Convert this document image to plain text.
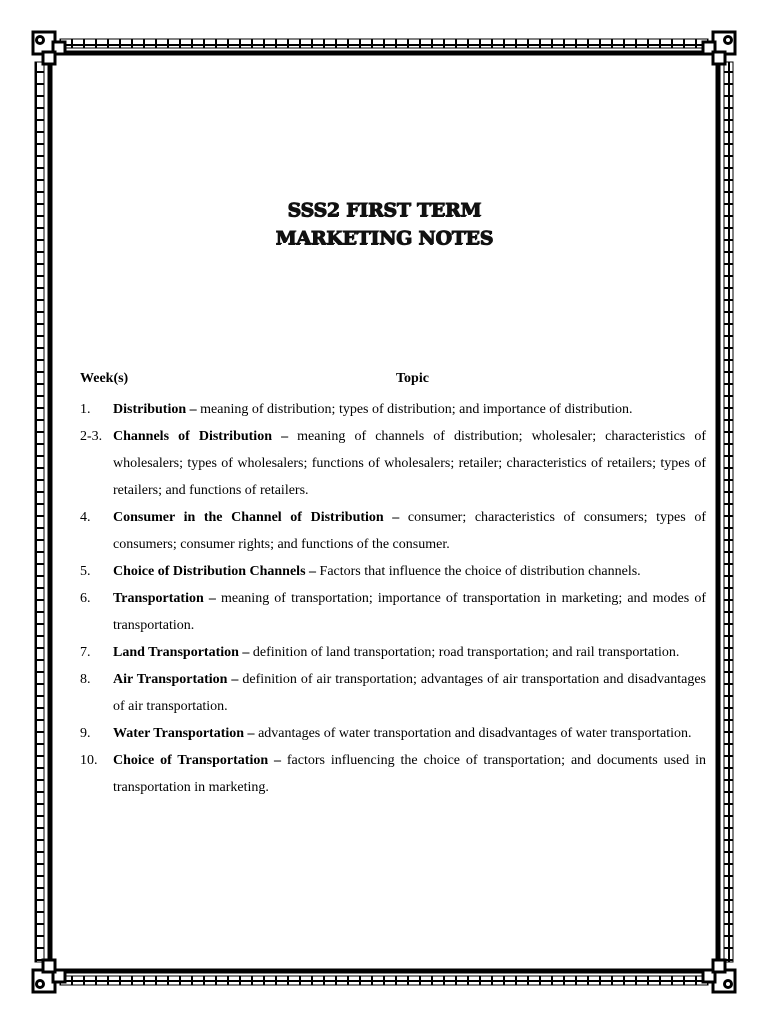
SSS2 FIRST TERM
MARKETING NOTES
Week(s)	Topic
1. Distribution – meaning of distribution; types of distribution; and importance of distribution.
2-3. Channels of Distribution – meaning of channels of distribution; wholesaler; characteristics of wholesalers; types of wholesalers; functions of wholesalers; retailer; characteristics of retailers; types of retailers; and functions of retailers.
4. Consumer in the Channel of Distribution – consumer; characteristics of consumers; types of consumers; consumer rights; and functions of the consumer.
5. Choice of Distribution Channels – Factors that influence the choice of distribution channels.
6. Transportation – meaning of transportation; importance of transportation in marketing; and modes of transportation.
7. Land Transportation – definition of land transportation; road transportation; and rail transportation.
8. Air Transportation – definition of air transportation; advantages of air transportation and disadvantages of air transportation.
9. Water Transportation – advantages of water transportation and disadvantages of water transportation.
10. Choice of Transportation – factors influencing the choice of transportation; and documents used in transportation in marketing.
